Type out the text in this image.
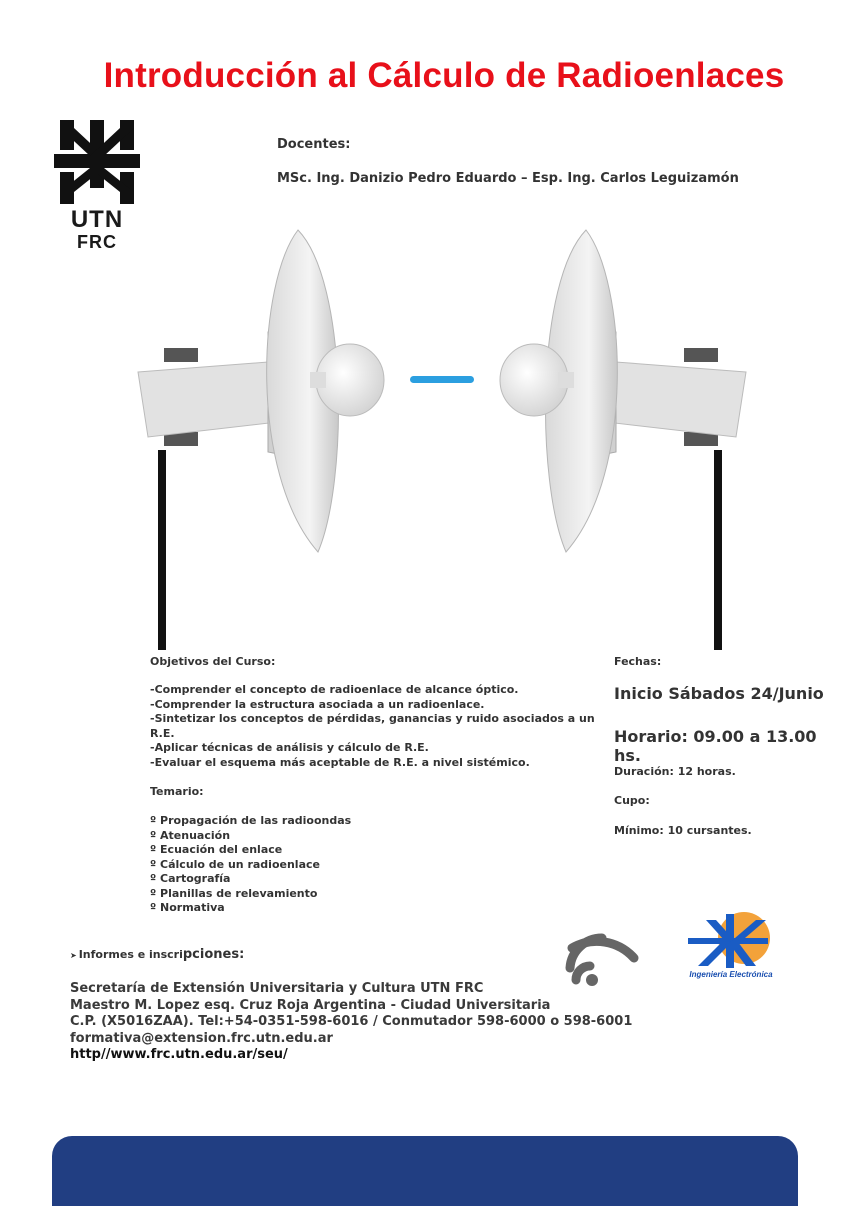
Introducción al Cálculo de Radioenlaces
UTN
FRC
Docentes:
MSc. Ing. Danizio Pedro Eduardo – Esp. Ing. Carlos Leguizamón
Objetivos del Curso:
-Comprender el concepto de radioenlace de alcance óptico.
-Comprender la estructura asociada a un radioenlace.
-Sintetizar los conceptos de pérdidas, ganancias y ruido asociados a un R.E.
-Aplicar técnicas de análisis y cálculo de R.E.
-Evaluar el esquema más aceptable de R.E. a nivel sistémico.
Temario:
º Propagación de las radioondas
º Atenuación
º Ecuación del enlace
º Cálculo de un radioenlace
º Cartografía
º Planillas de relevamiento
º Normativa
Fechas:
Inicio Sábados 24/Junio
Horario: 09.00 a 13.00 hs.
Duración: 12 horas.
Cupo:
Mínimo: 10 cursantes.
➤ Informes e inscripciones:
Secretaría de Extensión Universitaria y Cultura UTN FRC
Maestro M. Lopez esq. Cruz Roja Argentina - Ciudad Universitaria
C.P. (X5016ZAA). Tel:+54-0351-598-6016 / Conmutador 598-6000 o 598-6001
formativa@extension.frc.utn.edu.ar
http//www.frc.utn.edu.ar/seu/
Ingeniería Electrónica
